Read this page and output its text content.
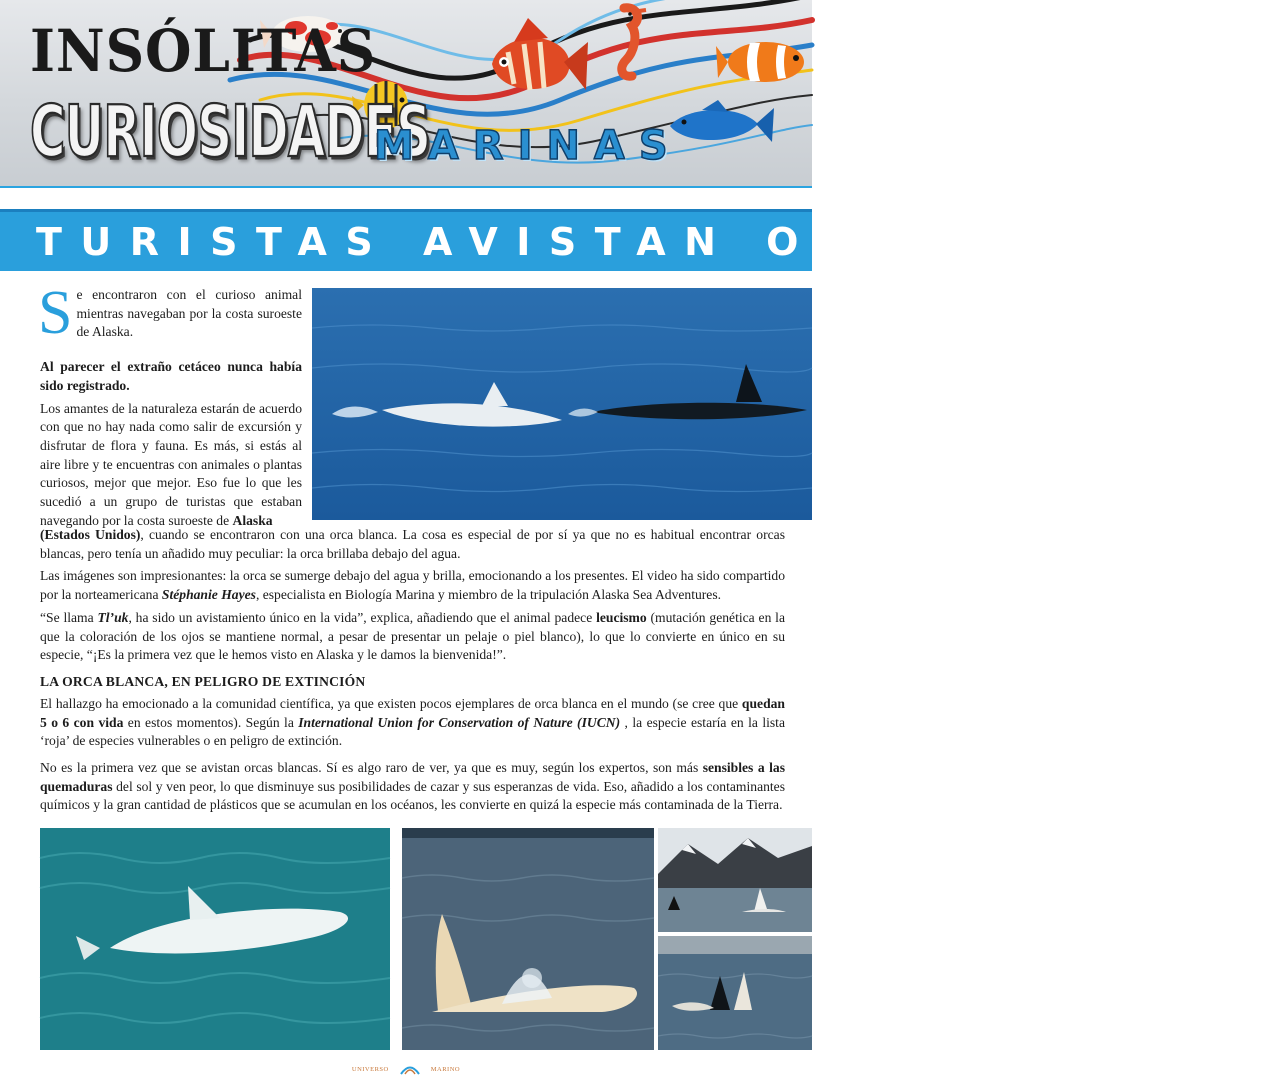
INSÓLITAS
CURIOSIDADES
MARINAS
TURISTAS AVISTAN ORCA BLANCA

Se encontraron con el curioso animal mientras navegaban por la costa suroeste de Alaska.

Al parecer el extraño cetáceo nunca había sido registrado.

Los amantes de la naturaleza estarán de acuerdo con que no hay nada como salir de excursión y disfrutar de flora y fauna. Es más, si estás al aire libre y te encuentras con animales o plantas curiosos, mejor que mejor. Eso fue lo que les sucedió a un grupo de turistas que estaban navegando por la costa suroeste de Alaska

(Estados Unidos), cuando se encontraron con una orca blanca. La cosa es especial de por sí ya que no es habitual encontrar orcas blancas, pero tenía un añadido muy peculiar: la orca brillaba debajo del agua.

Las imágenes son impresionantes: la orca se sumerge debajo del agua y brilla, emocionando a los presentes. El video ha sido compartido por la norteamericana Stéphanie Hayes, especialista en Biología Marina y miembro de la tripulación Alaska Sea Adventures.

“Se llama Tl’uk, ha sido un avistamiento único en la vida”, explica, añadiendo que el animal padece leucismo (mutación genética en la que la coloración de los ojos se mantiene normal, a pesar de presentar un pelaje o piel blanco), lo que lo convierte en único en su especie, “¡Es la primera vez que le hemos visto en Alaska y le damos la bienvenida!”.

LA ORCA BLANCA, EN PELIGRO DE EXTINCIÓN

El hallazgo ha emocionado a la comunidad científica, ya que existen pocos ejemplares de orca blanca en el mundo (se cree que quedan 5 o 6 con vida en estos momentos). Según la International Union for Conservation of Nature (IUCN) , la especie estaría en la lista ‘roja’ de especies vulnerables o en peligro de extinción.

No es la primera vez que se avistan orcas blancas. Sí es algo raro de ver, ya que es muy, según los expertos, son más sensibles a las quemaduras del sol y ven peor, lo que disminuye sus posibilidades de cazar y sus esperanzas de vida. Eso, añadido a los contaminantes químicos y la gran cantidad de plásticos que se acumulan en los océanos, les convierte en quizá la especie más contaminada de la Tierra.

UNIVERSO	MARINO
